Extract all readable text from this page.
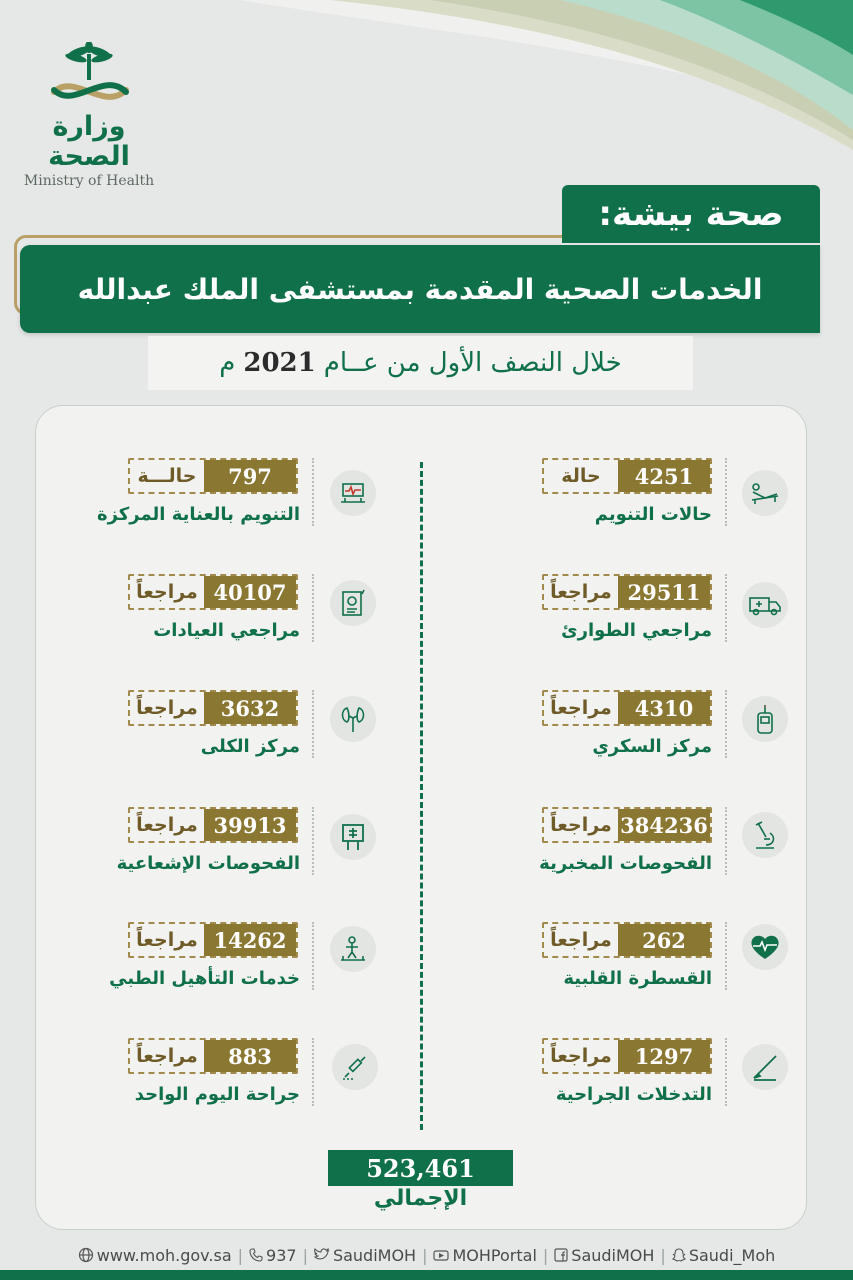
وزارة الصحة
Ministry of Health
صحة بيشة:
الخدمات الصحية المقدمة بمستشفى الملك عبدالله
خلال النصف الأول من عــام
2021
م
حالة	4251
حالات التنويم
مراجعاً 29511
مراجعي الطوارئ
مراجعاً	4310
مركز السكري
مراجعاً 384236
الفحوصات المخبرية
مراجعاً	262
القسطرة القلبية
مراجعاً	1297
التدخلات الجراحية
حالـــة	797
التنويم بالعناية المركزة
مراجعاً 40107
مراجعي العيادات
مراجعاً	3632
مركز الكلى
مراجعاً 39913
الفحوصات الإشعاعية
مراجعاً 14262
خدمات التأهيل الطبي
مراجعاً	883
جراحة اليوم الواحد
523,461
الإجمالي
www.moh.gov.sa | 937 | SaudiMOH | MOHPortal | SaudiMOH | Saudi_Moh
